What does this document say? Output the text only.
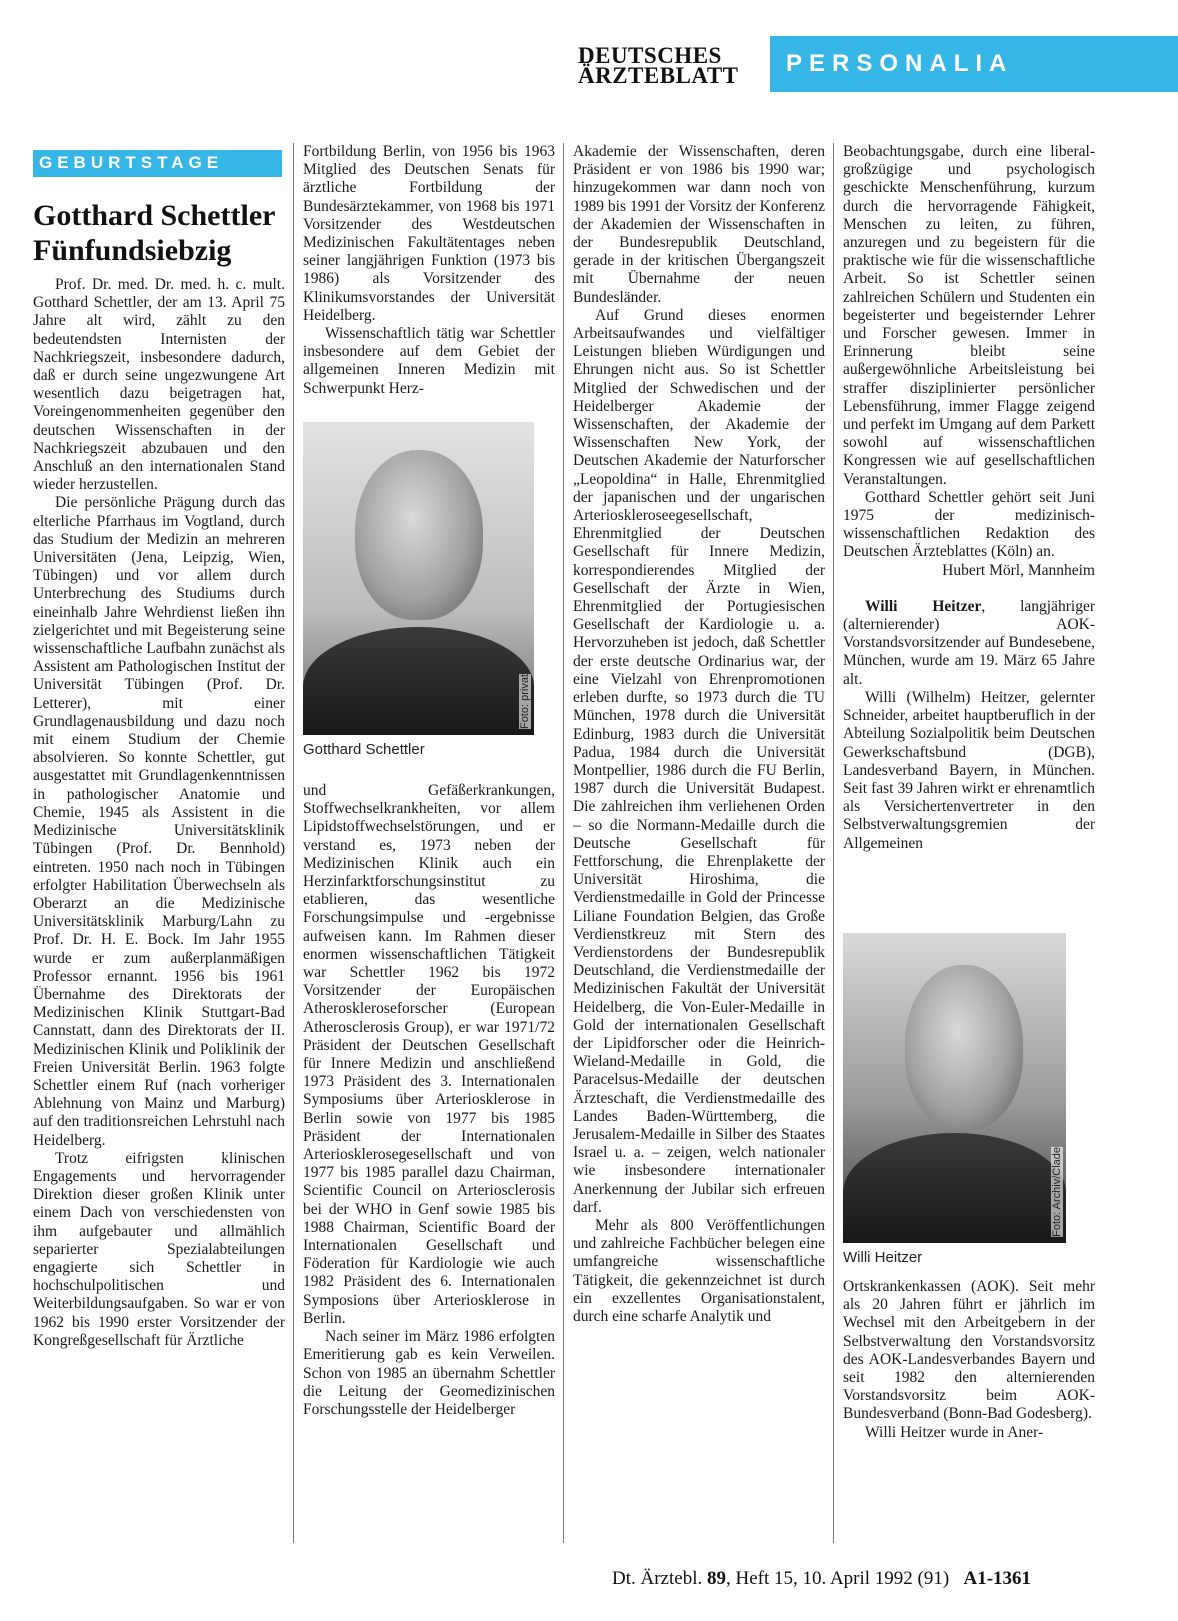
DEUTSCHES
ÄRZTEBLATT	PERSONALIA
GEBURTSTAGE
Gotthard Schettler
Fünfundsiebzig

Prof. Dr. med. Dr. med. h. c. mult. Gotthard Schettler, der am 13. April 75 Jahre alt wird, zählt zu den bedeutendsten Internisten der Nachkriegszeit, insbesondere dadurch, daß er durch seine ungezwungene Art wesentlich dazu beigetragen hat, Voreingenommenheiten gegenüber den deutschen Wissenschaften in der Nachkriegszeit abzubauen und den Anschluß an den internationalen Stand wieder herzustellen.

Die persönliche Prägung durch das elterliche Pfarrhaus im Vogtland, durch das Studium der Medizin an mehreren Universitäten (Jena, Leipzig, Wien, Tübingen) und vor allem durch Unterbrechung des Studiums durch eineinhalb Jahre Wehrdienst ließen ihn zielgerichtet und mit Begeisterung seine wissenschaftliche Laufbahn zunächst als Assistent am Pathologischen Institut der Universität Tübingen (Prof. Dr. Letterer), mit einer Grundlagenausbildung und dazu noch mit einem Studium der Chemie absolvieren. So konnte Schettler, gut ausgestattet mit Grundlagenkenntnissen in pathologischer Anatomie und Chemie, 1945 als Assistent in die Medizinische Universitätsklinik Tübingen (Prof. Dr. Bennhold) eintreten. 1950 nach noch in Tübingen erfolgter Habilitation Überwechseln als Oberarzt an die Medizinische Universitätsklinik Marburg/Lahn zu Prof. Dr. H. E. Bock. Im Jahr 1955 wurde er zum außerplanmäßigen Professor ernannt. 1956 bis 1961 Übernahme des Direktorats der Medizinischen Klinik Stuttgart-Bad Cannstatt, dann des Direktorats der II. Medizinischen Klinik und Poliklinik der Freien Universität Berlin. 1963 folgte Schettler einem Ruf (nach vorheriger Ablehnung von Mainz und Marburg) auf den traditionsreichen Lehrstuhl nach Heidelberg.

Trotz eifrigsten klinischen Engagements und hervorragender Direktion dieser großen Klinik unter einem Dach von verschiedensten von ihm aufgebauter und allmählich separierter Spezialabteilungen engagierte sich Schettler in hochschulpolitischen und Weiterbildungsaufgaben. So war er von 1962 bis 1990 erster Vorsitzender der Kongreßgesellschaft für Ärztliche

Fortbildung Berlin, von 1956 bis 1963 Mitglied des Deutschen Senats für ärztliche Fortbildung der Bundesärztekammer, von 1968 bis 1971 Vorsitzender des Westdeutschen Medizinischen Fakultätentages neben seiner langjährigen Funktion (1973 bis 1986) als Vorsitzender des Klinikumsvorstandes der Universität Heidelberg.

Wissenschaftlich tätig war Schettler insbesondere auf dem Gebiet der allgemeinen Inneren Medizin mit Schwerpunkt Herz-

Foto: privat
Gotthard Schettler

und Gefäßerkrankungen, Stoffwechselkrankheiten, vor allem Lipidstoffwechselstörungen, und er verstand es, 1973 neben der Medizinischen Klinik auch ein Herzinfarktforschungsinstitut zu etablieren, das wesentliche Forschungsimpulse und -ergebnisse aufweisen kann. Im Rahmen dieser enormen wissenschaftlichen Tätigkeit war Schettler 1962 bis 1972 Vorsitzender der Europäischen Atheroskleroseforscher (European Atherosclerosis Group), er war 1971/72 Präsident der Deutschen Gesellschaft für Innere Medizin und anschließend 1973 Präsident des 3. Internationalen Symposiums über Arteriosklerose in Berlin sowie von 1977 bis 1985 Präsident der Internationalen Arteriosklerosegesellschaft und von 1977 bis 1985 parallel dazu Chairman, Scientific Council on Arteriosclerosis bei der WHO in Genf sowie 1985 bis 1988 Chairman, Scientific Board der Internationalen Gesellschaft und Föderation für Kardiologie wie auch 1982 Präsident des 6. Internationalen Symposions über Arteriosklerose in Berlin.

Nach seiner im März 1986 erfolgten Emeritierung gab es kein Verweilen. Schon von 1985 an übernahm Schettler die Leitung der Geomedizinischen Forschungsstelle der Heidelberger

Akademie der Wissenschaften, deren Präsident er von 1986 bis 1990 war; hinzugekommen war dann noch von 1989 bis 1991 der Vorsitz der Konferenz der Akademien der Wissenschaften in der Bundesrepublik Deutschland, gerade in der kritischen Übergangszeit mit Übernahme der neuen Bundesländer.

Auf Grund dieses enormen Arbeitsaufwandes und vielfältiger Leistungen blieben Würdigungen und Ehrungen nicht aus. So ist Schettler Mitglied der Schwedischen und der Heidelberger Akademie der Wissenschaften, der Akademie der Wissenschaften New York, der Deutschen Akademie der Naturforscher „Leopoldina“ in Halle, Ehrenmitglied der japanischen und der ungarischen Arterioskleroseegesellschaft, Ehrenmitglied der Deutschen Gesellschaft für Innere Medizin, korrespondierendes Mitglied der Gesellschaft der Ärzte in Wien, Ehrenmitglied der Portugiesischen Gesellschaft der Kardiologie u. a. Hervorzuheben ist jedoch, daß Schettler der erste deutsche Ordinarius war, der eine Vielzahl von Ehrenpromotionen erleben durfte, so 1973 durch die TU München, 1978 durch die Universität Edinburg, 1983 durch die Universität Padua, 1984 durch die Universität Montpellier, 1986 durch die FU Berlin, 1987 durch die Universität Budapest. Die zahlreichen ihm verliehenen Orden – so die Normann-Medaille durch die Deutsche Gesellschaft für Fettforschung, die Ehrenplakette der Universität Hiroshima, die Verdienstmedaille in Gold der Princesse Liliane Foundation Belgien, das Große Verdienstkreuz mit Stern des Verdienstordens der Bundesrepublik Deutschland, die Verdienstmedaille der Medizinischen Fakultät der Universität Heidelberg, die Von-Euler-Medaille in Gold der internationalen Gesellschaft der Lipidforscher oder die Heinrich-Wieland-Medaille in Gold, die Paracelsus-Medaille der deutschen Ärzteschaft, die Verdienstmedaille des Landes Baden-Württemberg, die Jerusalem-Medaille in Silber des Staates Israel u. a. – zeigen, welch nationaler wie insbesondere internationaler Anerkennung der Jubilar sich erfreuen darf.

Mehr als 800 Veröffentlichungen und zahlreiche Fachbücher belegen eine umfangreiche wissenschaftliche Tätigkeit, die gekennzeichnet ist durch ein exzellentes Organisationstalent, durch eine scharfe Analytik und

Beobachtungsgabe, durch eine liberal-großzügige und psychologisch geschickte Menschenführung, kurzum durch die hervorragende Fähigkeit, Menschen zu leiten, zu führen, anzuregen und zu begeistern für die praktische wie für die wissenschaftliche Arbeit. So ist Schettler seinen zahlreichen Schülern und Studenten ein begeisterter und begeisternder Lehrer und Forscher gewesen. Immer in Erinnerung bleibt seine außergewöhnliche Arbeitsleistung bei straffer disziplinierter persönlicher Lebensführung, immer Flagge zeigend und perfekt im Umgang auf dem Parkett sowohl auf wissenschaftlichen Kongressen wie auf gesellschaftlichen Veranstaltungen.

Gotthard Schettler gehört seit Juni 1975 der medizinisch-wissenschaftlichen Redaktion des Deutschen Ärzteblattes (Köln) an.

Hubert Mörl, Mannheim

Willi Heitzer, langjähriger (alternierender) AOK-Vorstandsvorsitzender auf Bundesebene, München, wurde am 19. März 65 Jahre alt.

Willi (Wilhelm) Heitzer, gelernter Schneider, arbeitet hauptberuflich in der Abteilung Sozialpolitik beim Deutschen Gewerkschaftsbund (DGB), Landesverband Bayern, in München. Seit fast 39 Jahren wirkt er ehrenamtlich als Versichertenvertreter in den Selbstverwaltungsgremien der Allgemeinen

Foto: Archiv/Clade
Willi Heitzer

Ortskrankenkassen (AOK). Seit mehr als 20 Jahren führt er jährlich im Wechsel mit den Arbeitgebern in der Selbstverwaltung den Vorstandsvorsitz des AOK-Landesverbandes Bayern und seit 1982 den alternierenden Vorstandsvorsitz beim AOK-Bundesverband (Bonn-Bad Godesberg).

Willi Heitzer wurde in Aner-

Dt. Ärztebl. 89, Heft 15, 10. April 1992 (91) A1-1361
